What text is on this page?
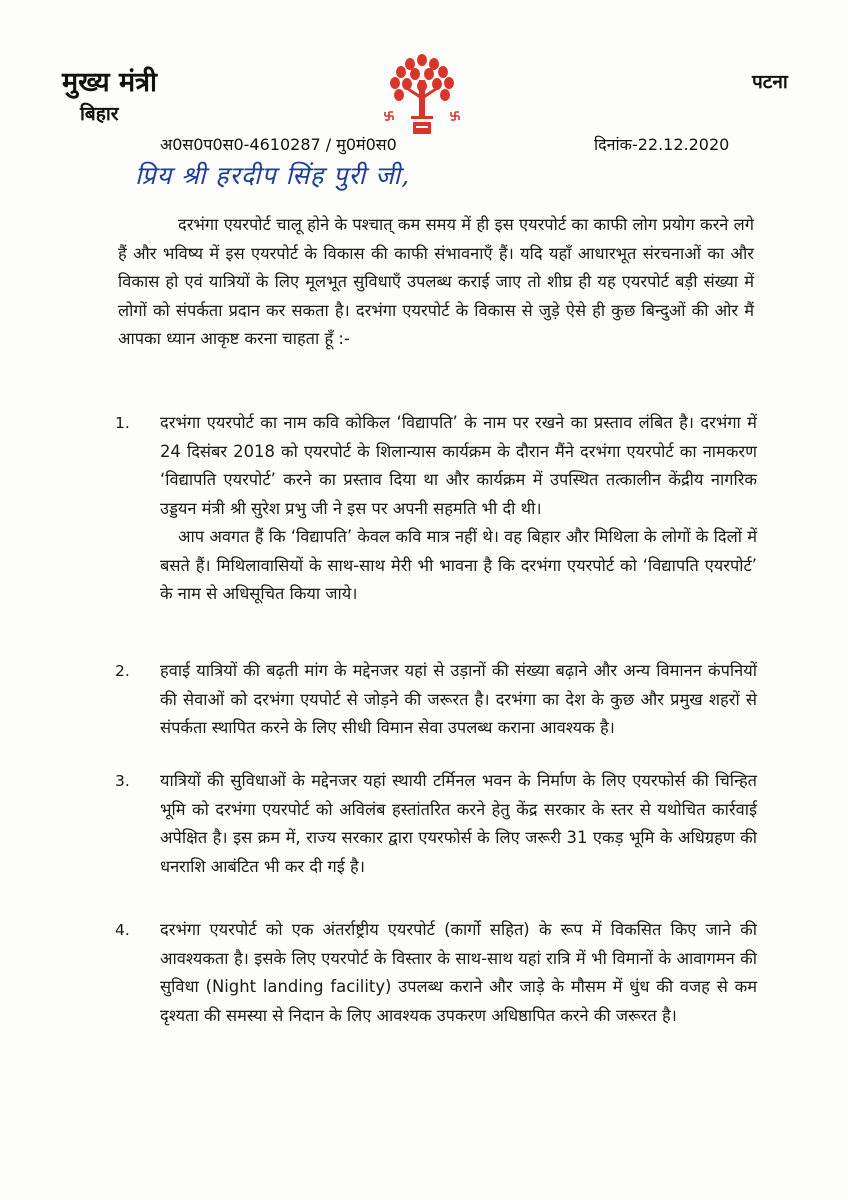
मुख्य मंत्री
बिहार
पटना
अ0स0प0स0-4610287 / मु0मं0स0	दिनांक-22.12.2020
प्रिय श्री हरदीप सिंह पुरी जी,
दरभंगा एयरपोर्ट चालू होने के पश्चात् कम समय में ही इस एयरपोर्ट का काफी लोग प्रयोग करने लगे हैं और भविष्य में इस एयरपोर्ट के विकास की काफी संभावनाएँ हैं। यदि यहाँ आधारभूत संरचनाओं का और विकास हो एवं यात्रियों के लिए मूलभूत सुविधाएँ उपलब्ध कराई जाए तो शीघ्र ही यह एयरपोर्ट बड़ी संख्या में लोगों को संपर्कता प्रदान कर सकता है। दरभंगा एयरपोर्ट के विकास से जुड़े ऐसे ही कुछ बिन्दुओं की ओर मैं आपका ध्यान आकृष्ट करना चाहता हूँ :-
1. दरभंगा एयरपोर्ट का नाम कवि कोकिल ‘विद्यापति’ के नाम पर रखने का प्रस्ताव लंबित है। दरभंगा में 24 दिसंबर 2018 को एयरपोर्ट के शिलान्यास कार्यक्रम के दौरान मैंने दरभंगा एयरपोर्ट का नामकरण ‘विद्यापति एयरपोर्ट’ करने का प्रस्ताव दिया था और कार्यक्रम में उपस्थित तत्कालीन केंद्रीय नागरिक उड्डयन मंत्री श्री सुरेश प्रभु जी ने इस पर अपनी सहमति भी दी थी।
आप अवगत हैं कि ‘विद्यापति’ केवल कवि मात्र नहीं थे। वह बिहार और मिथिला के लोगों के दिलों में बसते हैं। मिथिलावासियों के साथ-साथ मेरी भी भावना है कि दरभंगा एयरपोर्ट को ‘विद्यापति एयरपोर्ट’ के नाम से अधिसूचित किया जाये।
2. हवाई यात्रियों की बढ़ती मांग के मद्देनजर यहां से उड़ानों की संख्या बढ़ाने और अन्य विमानन कंपनियों की सेवाओं को दरभंगा एयपोर्ट से जोड़ने की जरूरत है। दरभंगा का देश के कुछ और प्रमुख शहरों से संपर्कता स्थापित करने के लिए सीधी विमान सेवा उपलब्ध कराना आवश्यक है।
3. यात्रियों की सुविधाओं के मद्देनजर यहां स्थायी टर्मिनल भवन के निर्माण के लिए एयरफोर्स की चिन्हित भूमि को दरभंगा एयरपोर्ट को अविलंब हस्तांतरित करने हेतु केंद्र सरकार के स्तर से यथोचित कार्रवाई अपेक्षित है। इस क्रम में, राज्य सरकार द्वारा एयरफोर्स के लिए जरूरी 31 एकड़ भूमि के अधिग्रहण की धनराशि आबंटित भी कर दी गई है।
4. दरभंगा एयरपोर्ट को एक अंतर्राष्ट्रीय एयरपोर्ट (कार्गो सहित) के रूप में विकसित किए जाने की आवश्यकता है। इसके लिए एयरपोर्ट के विस्तार के साथ-साथ यहां रात्रि में भी विमानों के आवागमन की सुविधा (Night landing facility) उपलब्ध कराने और जाड़े के मौसम में धुंध की वजह से कम दृश्यता की समस्या से निदान के लिए आवश्यक उपकरण अधिष्ठापित करने की जरूरत है।
